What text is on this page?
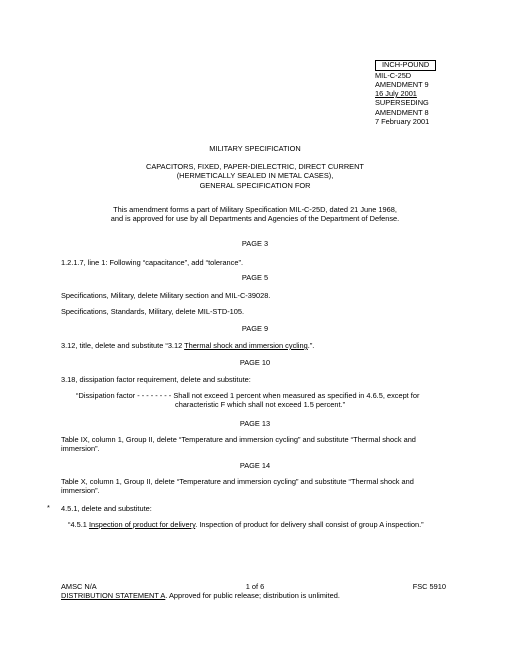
INCH-POUND
MIL-C-25D
AMENDMENT 9
16 July 2001
SUPERSEDING
AMENDMENT 8
7 February 2001
MILITARY SPECIFICATION
CAPACITORS, FIXED, PAPER-DIELECTRIC, DIRECT CURRENT
(HERMETICALLY SEALED IN METAL CASES),
GENERAL SPECIFICATION FOR
This amendment forms a part of Military Specification MIL-C-25D, dated 21 June 1968,
and is approved for use by all Departments and Agencies of the Department of Defense.
PAGE 3
1.2.1.7, line 1: Following “capacitance”, add “tolerance”.
PAGE 5
Specifications, Military, delete Military section and MIL-C-39028.
Specifications, Standards, Military, delete MIL-STD-105.
PAGE 9
3.12, title, delete and substitute “3.12 Thermal shock and immersion cycling.”.
PAGE 10
3.18, dissipation factor requirement, delete and substitute:
“Dissipation factor - - - - - - - - Shall not exceed 1 percent when measured as specified in 4.6.5, except for
characteristic F which shall not exceed 1.5 percent.”
PAGE 13
Table IX, column 1, Group II, delete “Temperature and immersion cycling” and substitute “Thermal shock and
immersion”.
PAGE 14
Table X, column 1, Group II, delete “Temperature and immersion cycling” and substitute “Thermal shock and
immersion”.
* 4.5.1, delete and substitute:
“4.5.1 Inspection of product for delivery. Inspection of product for delivery shall consist of group A inspection.”
AMSC N/A	1 of 6	FSC 5910
DISTRIBUTION STATEMENT A. Approved for public release; distribution is unlimited.
